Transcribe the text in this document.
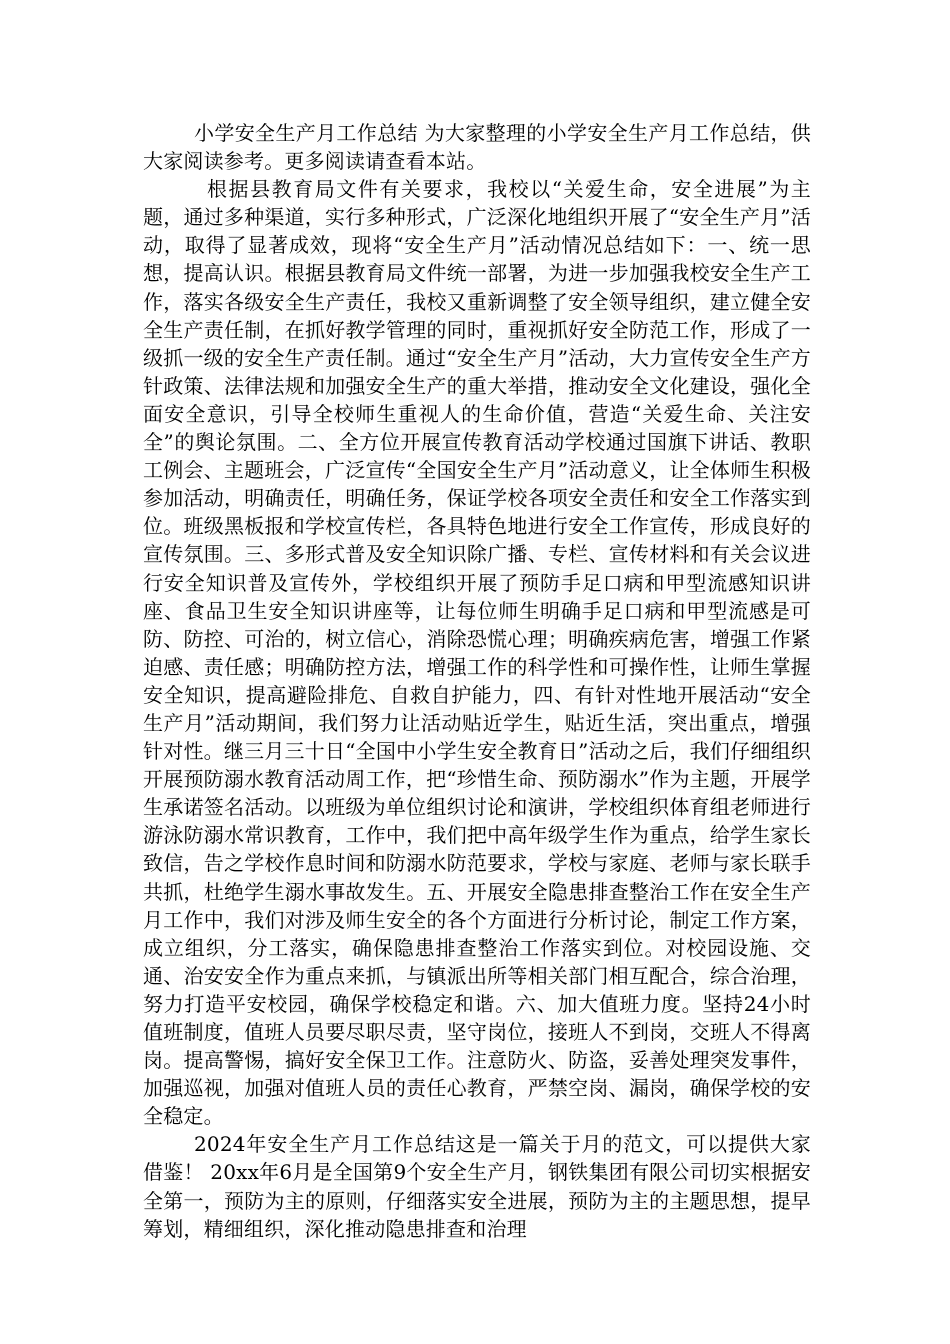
小学安全生产月工作总结 为大家整理的小学安全生产月工作总结，供大家阅读参考。更多阅读请查看本站。

根据县教育局文件有关要求，我校以“关爱生命，安全进展”为主题，通过多种渠道，实行多种形式，广泛深化地组织开展了“安全生产月”活动，取得了显著成效，现将“安全生产月”活动情况总结如下：一、统一思想，提高认识。根据县教育局文件统一部署，为进一步加强我校安全生产工作，落实各级安全生产责任，我校又重新调整了安全领导组织，建立健全安全生产责任制，在抓好教学管理的同时，重视抓好安全防范工作，形成了一级抓一级的安全生产责任制。通过“安全生产月”活动，大力宣传安全生产方针政策、法律法规和加强安全生产的重大举措，推动安全文化建设，强化全面安全意识，引导全校师生重视人的生命价值，营造“关爱生命、关注安全”的舆论氛围。二、全方位开展宣传教育活动学校通过国旗下讲话、教职工例会、主题班会，广泛宣传“全国安全生产月”活动意义，让全体师生积极参加活动，明确责任，明确任务，保证学校各项安全责任和安全工作落实到位。班级黑板报和学校宣传栏，各具特色地进行安全工作宣传，形成良好的宣传氛围。三、多形式普及安全知识除广播、专栏、宣传材料和有关会议进行安全知识普及宣传外，学校组织开展了预防手足口病和甲型流感知识讲座、食品卫生安全知识讲座等，让每位师生明确手足口病和甲型流感是可防、防控、可治的，树立信心，消除恐慌心理；明确疾病危害，增强工作紧迫感、责任感；明确防控方法，增强工作的科学性和可操作性，让师生掌握安全知识，提高避险排危、自救自护能力，四、有针对性地开展活动“安全生产月”活动期间，我们努力让活动贴近学生，贴近生活，突出重点，增强针对性。继三月三十日“全国中小学生安全教育日”活动之后，我们仔细组织开展预防溺水教育活动周工作，把“珍惜生命、预防溺水”作为主题，开展学生承诺签名活动。以班级为单位组织讨论和演讲，学校组织体育组老师进行游泳防溺水常识教育，工作中，我们把中高年级学生作为重点，给学生家长致信，告之学校作息时间和防溺水防范要求，学校与家庭、老师与家长联手共抓，杜绝学生溺水事故发生。五、开展安全隐患排查整治工作在安全生产月工作中，我们对涉及师生安全的各个方面进行分析讨论，制定工作方案，成立组织，分工落实，确保隐患排查整治工作落实到位。对校园设施、交通、治安安全作为重点来抓，与镇派出所等相关部门相互配合，综合治理，努力打造平安校园，确保学校稳定和谐。六、加大值班力度。坚持24小时值班制度，值班人员要尽职尽责，坚守岗位，接班人不到岗，交班人不得离岗。提高警惕，搞好安全保卫工作。注意防火、防盗，妥善处理突发事件，加强巡视，加强对值班人员的责任心教育，严禁空岗、漏岗，确保学校的安全稳定。

2024年安全生产月工作总结这是一篇关于月的范文，可以提供大家借鉴！ 20xx年6月是全国第9个安全生产月，钢铁集团有限公司切实根据安全第一，预防为主的原则，仔细落实安全进展，预防为主的主题思想，提早筹划，精细组织，深化推动隐患排查和治理
